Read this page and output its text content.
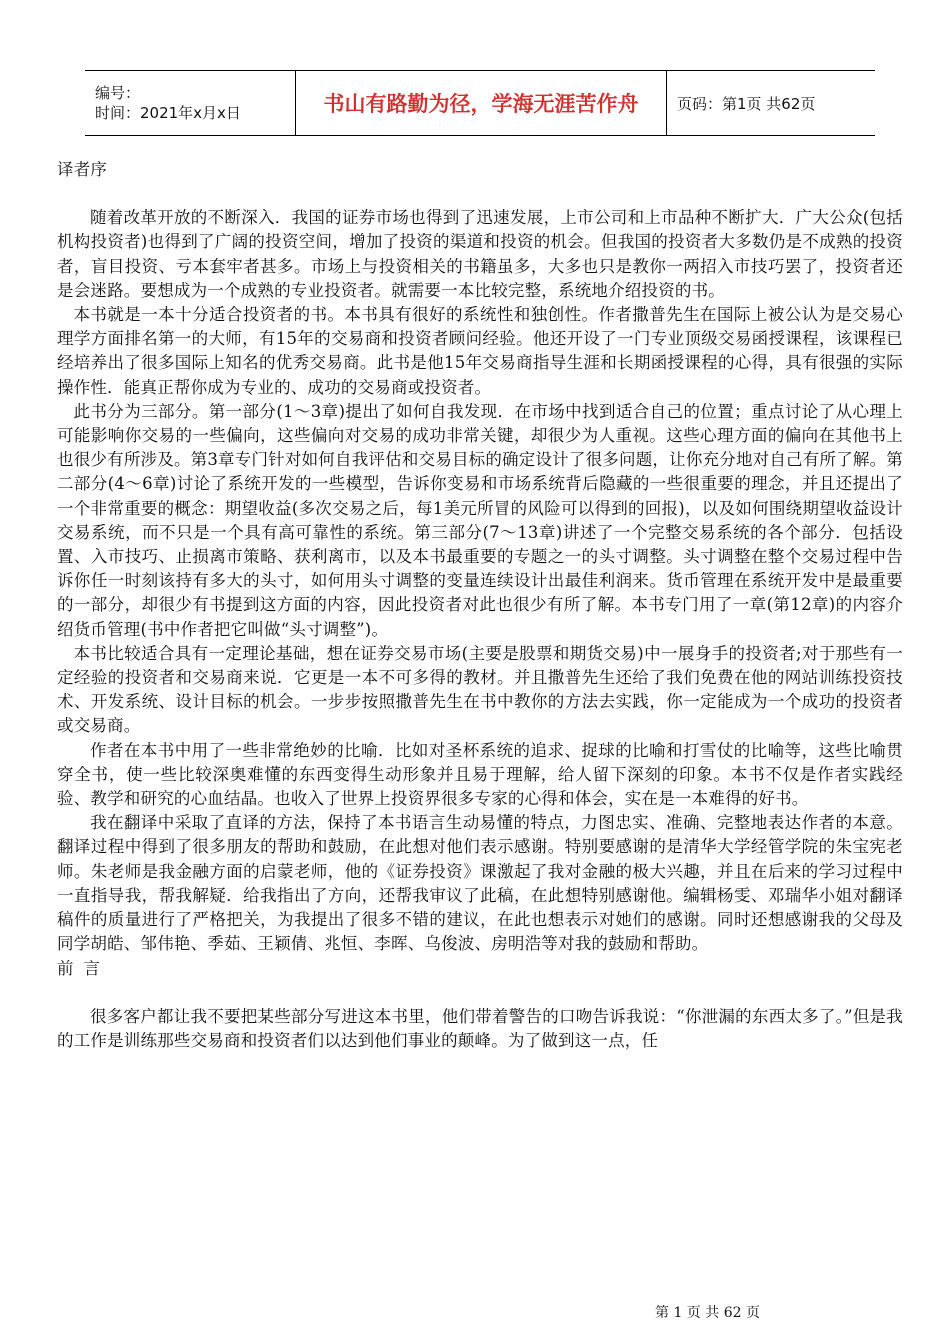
编号：
时间：2021年x月x日	书山有路勤为径，学海无涯苦作舟	页码：第1页 共62页

译者序

随着改革开放的不断深入．我国的证券市场也得到了迅速发展，上市公司和上市品种不断扩大．广大公众(包括机构投资者)也得到了广阔的投资空间，增加了投资的渠道和投资的机会。但我国的投资者大多数仍是不成熟的投资者，盲目投资、亏本套牢者甚多。市场上与投资相关的书籍虽多，大多也只是教你一两招入市技巧罢了，投资者还是会迷路。要想成为一个成熟的专业投资者。就需要一本比较完整，系统地介绍投资的书。

本书就是一本十分适合投资者的书。本书具有很好的系统性和独创性。作者撒普先生在国际上被公认为是交易心理学方面排名第一的大师，有15年的交易商和投资者顾问经验。他还开设了一门专业顶级交易函授课程，该课程已经培养出了很多国际上知名的优秀交易商。此书是他15年交易商指导生涯和长期函授课程的心得，具有很强的实际操作性．能真正帮你成为专业的、成功的交易商或投资者。

此书分为三部分。第一部分(1～3章)提出了如何自我发现．在市场中找到适合自己的位置；重点讨论了从心理上可能影响你交易的一些偏向，这些偏向对交易的成功非常关键，却很少为人重视。这些心理方面的偏向在其他书上也很少有所涉及。第3章专门针对如何自我评估和交易目标的确定设计了很多问题，让你充分地对自己有所了解。第二部分(4～6章)讨论了系统开发的一些模型，告诉你变易和市场系统背后隐藏的一些很重要的理念，并且还提出了一个非常重要的概念：期望收益(多次交易之后，每1美元所冒的风险可以得到的回报)，以及如何围绕期望收益设计交易系统，而不只是一个具有高可靠性的系统。第三部分(7～13章)讲述了一个完整交易系统的各个部分．包括设置、入市技巧、止损离市策略、获利离市，以及本书最重要的专题之一的头寸调整。头寸调整在整个交易过程中告诉你任一时刻该持有多大的头寸，如何用头寸调整的变量连续设计出最佳利润来。货币管理在系统开发中是最重要的一部分，却很少有书提到这方面的内容，因此投资者对此也很少有所了解。本书专门用了一章(第12章)的内容介绍货币管理(书中作者把它叫做“头寸调整”)。

本书比较适合具有一定理论基础，想在证券交易市场(主要是股票和期货交易)中一展身手的投资者;对于那些有一定经验的投资者和交易商来说．它更是一本不可多得的教材。并且撒普先生还给了我们免费在他的网站训练投资技术、开发系统、设计目标的机会。一步步按照撒普先生在书中教你的方法去实践，你一定能成为一个成功的投资者或交易商。

作者在本书中用了一些非常绝妙的比喻．比如对圣杯系统的追求、捉球的比喻和打雪仗的比喻等，这些比喻贯穿全书，使一些比较深奥难懂的东西变得生动形象并且易于理解，给人留下深刻的印象。本书不仅是作者实践经验、教学和研究的心血结晶。也收入了世界上投资界很多专家的心得和体会，实在是一本难得的好书。

我在翻译中采取了直译的方法，保持了本书语言生动易懂的特点，力图忠实、准确、完整地表达作者的本意。翻译过程中得到了很多朋友的帮助和鼓励，在此想对他们表示感谢。特别要感谢的是清华大学经管学院的朱宝宪老师。朱老师是我金融方面的启蒙老师，他的《证券投资》课激起了我对金融的极大兴趣，并且在后来的学习过程中一直指导我，帮我解疑．给我指出了方向，还帮我审议了此稿，在此想特别感谢他。编辑杨雯、邓瑞华小姐对翻译稿件的质量进行了严格把关，为我提出了很多不错的建议，在此也想表示对她们的感谢。同时还想感谢我的父母及同学胡皓、邹伟艳、季茹、王颖倩、兆恒、李晖、乌俊波、房明浩等对我的鼓励和帮助。

前言

很多客户都让我不要把某些部分写进这本书里，他们带着警告的口吻告诉我说：“你泄漏的东西太多了。”但是我的工作是训练那些交易商和投资者们以达到他们事业的颠峰。为了做到这一点，任

第 1 页 共 62 页
